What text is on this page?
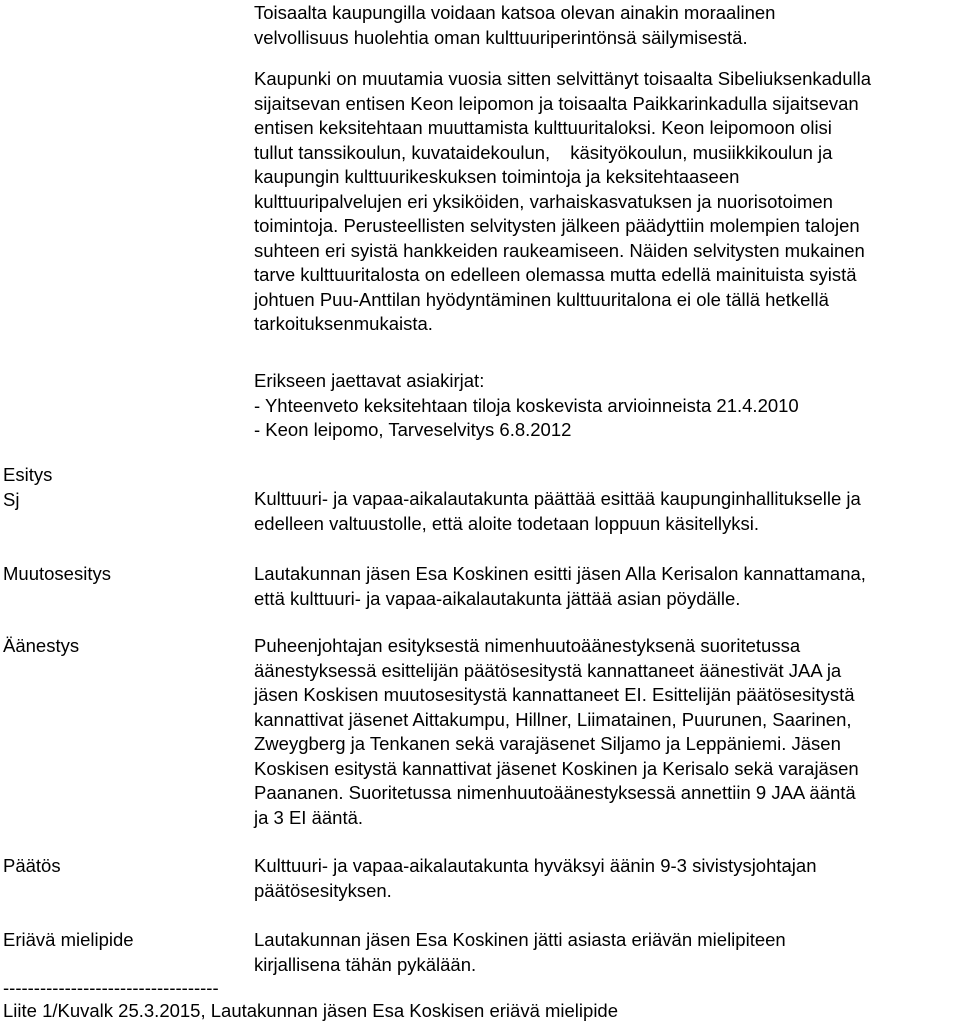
Toisaalta kaupungilla voidaan katsoa olevan ainakin moraalinen
velvollisuus huolehtia oman kulttuuriperintönsä säilymisestä.
Kaupunki on muutamia vuosia sitten selvittänyt toisaalta Sibeliuksenkadulla
sijaitsevan entisen Keon leipomon ja toisaalta Paikkarinkadulla sijaitsevan
entisen keksitehtaan muuttamista kulttuuritaloksi. Keon leipomoon olisi
tullut tanssikoulun, kuvataidekoulun, käsityökoulun, musiikkikoulun ja
kaupungin kulttuurikeskuksen toimintoja ja keksitehtaaseen
kulttuuripalvelujen eri yksiköiden, varhaiskasvatuksen ja nuorisotoimen
toimintoja. Perusteellisten selvitysten jälkeen päädyttiin molempien talojen
suhteen eri syistä hankkeiden raukeamiseen. Näiden selvitysten mukainen
tarve kulttuuritalosta on edelleen olemassa mutta edellä mainituista syistä
johtuen Puu-Anttilan hyödyntäminen kulttuuritalona ei ole tällä hetkellä
tarkoituksenmukaista.
Erikseen jaettavat asiakirjat:
- Yhteenveto keksitehtaan tiloja koskevista arvioinneista 21.4.2010
- Keon leipomo, Tarveselvitys 6.8.2012
Esitys
Sj	Kulttuuri- ja vapaa-aikalautakunta päättää esittää kaupunginhallitukselle ja
edelleen valtuustolle, että aloite todetaan loppuun käsitellyksi.
Muutosesitys	Lautakunnan jäsen Esa Koskinen esitti jäsen Alla Kerisalon kannattamana,
että kulttuuri- ja vapaa-aikalautakunta jättää asian pöydälle.
Äänestys	Puheenjohtajan esityksestä nimenhuutoäänestyksenä suoritetussa
äänestyksessä esittelijän päätösesitystä kannattaneet äänestivät JAA ja
jäsen Koskisen muutosesitystä kannattaneet EI. Esittelijän päätösesitystä
kannattivat jäsenet Aittakumpu, Hillner, Liimatainen, Puurunen, Saarinen,
Zweygberg ja Tenkanen sekä varajäsenet Siljamo ja Leppäniemi. Jäsen
Koskisen esitystä kannattivat jäsenet Koskinen ja Kerisalo sekä varajäsen
Paananen. Suoritetussa nimenhuutoäänestyksessä annettiin 9 JAA ääntä
ja 3 EI ääntä.
Päätös	Kulttuuri- ja vapaa-aikalautakunta hyväksyi äänin 9-3 sivistysjohtajan
päätösesityksen.
Eriävä mielipide	Lautakunnan jäsen Esa Koskinen jätti asiasta eriävän mielipiteen
kirjallisena tähän pykälään.
-----------------------------------
Liite 1/Kuvalk 25.3.2015, Lautakunnan jäsen Esa Koskisen eriävä mielipide
